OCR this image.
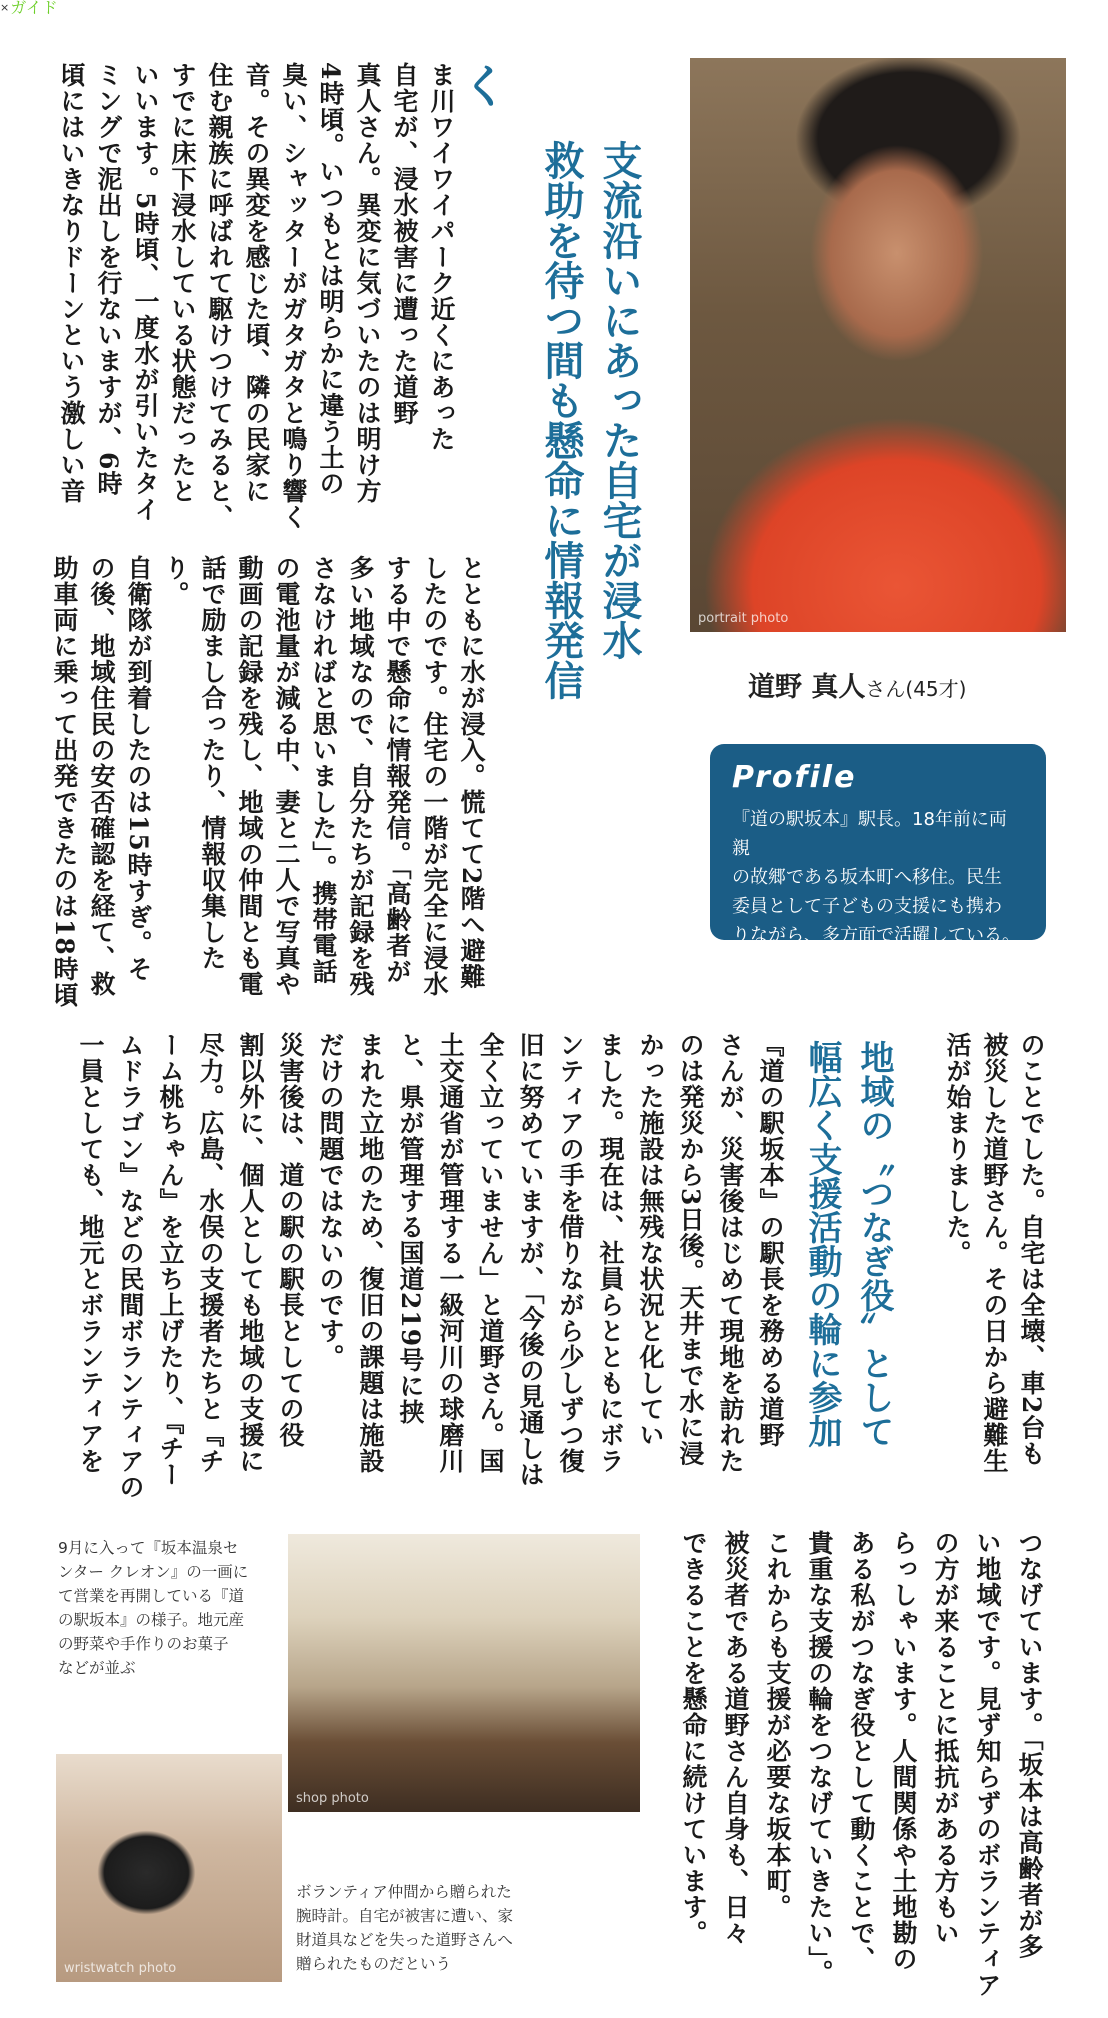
×ガイド
portrait photo
道野 真人さん(45才)
Profile
『道の駅坂本』駅長。18年前に両親
の故郷である坂本町へ移住。民生
委員として子どもの支援にも携わ
りながら、多方面で活躍している。
支流沿いにあった自宅が浸水
救助を待つ間も懸命に情報発信
く
ま川ワイワイパーク近くにあった
自宅が、浸水被害に遭った道野
真人さん。異変に気づいたのは明け方
4時頃。いつもとは明らかに違う土の
臭い、シャッターがガタガタと鳴り響く
音。その異変を感じた頃、隣の民家に
住む親族に呼ばれて駆けつけてみると、
すでに床下浸水している状態だったと
いいます。5時頃、一度水が引いたタイ
ミングで泥出しを行ないますが、6時
頃にはいきなりドーンという激しい音
とともに水が浸入。慌てて2階へ避難
したのです。住宅の一階が完全に浸水
する中で懸命に情報発信。「高齢者が
多い地域なので、自分たちが記録を残
さなければと思いました」。携帯電話
の電池量が減る中、妻と二人で写真や
動画の記録を残し、地域の仲間とも電
話で励まし合ったり、情報収集したり。
自衛隊が到着したのは15時すぎ。そ
の後、地域住民の安否確認を経て、救
助車両に乗って出発できたのは18時頃
のことでした。自宅は全壊、車2台も
被災した道野さん。その日から避難生
活が始まりました。
地域の〝つなぎ役〟として
幅広く支援活動の輪に参加
『道の駅坂本』の駅長を務める道野
さんが、災害後はじめて現地を訪れた
のは発災から3日後。天井まで水に浸
かった施設は無残な状況と化してい
ました。現在は、社員らとともにボラ
ンティアの手を借りながら少しずつ復
旧に努めていますが、「今後の見通しは
全く立っていません」と道野さん。国
土交通省が管理する一級河川の球磨川
と、県が管理する国道219号に挟
まれた立地のため、復旧の課題は施設
だけの問題ではないのです。
災害後は、道の駅の駅長としての役
割以外に、個人としても地域の支援に
尽力。広島、水俣の支援者たちと『チ
ーム桃ちゃん』を立ち上げたり、『チー
ムドラゴン』などの民間ボランティアの
一員としても、地元とボランティアを
つなげています。「坂本は高齢者が多
い地域です。見ず知らずのボランティア
の方が来ることに抵抗がある方もい
らっしゃいます。人間関係や土地勘の
ある私がつなぎ役として動くことで、
貴重な支援の輪をつなげていきたい」。
これからも支援が必要な坂本町。
被災者である道野さん自身も、日々
できることを懸命に続けています。
shop photo
9月に入って『坂本温泉セ
ンター クレオン』の一画に
て営業を再開している『道
の駅坂本』の様子。地元産
の野菜や手作りのお菓子
などが並ぶ
wristwatch photo
ボランティア仲間から贈られた
腕時計。自宅が被害に遭い、家
財道具などを失った道野さんへ
贈られたものだという
